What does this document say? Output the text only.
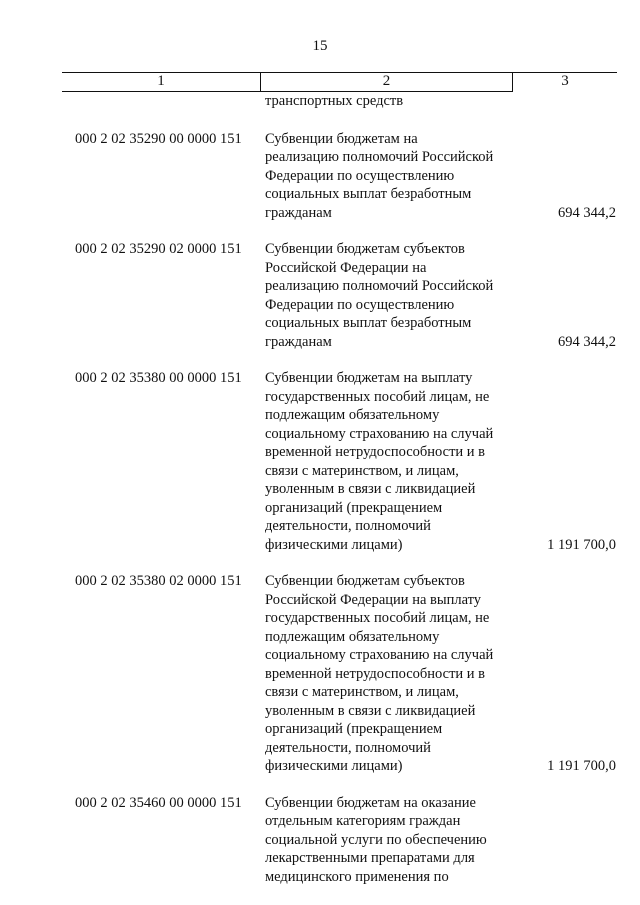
15
1	2	3
транспортных средств
000 2 02 35290 00 0000 151 Субвенции бюджетам на
реализацию полномочий Российской
Федерации по осуществлению
социальных выплат безработным
гражданам	694 344,2
000 2 02 35290 02 0000 151 Субвенции бюджетам субъектов
Российской Федерации на
реализацию полномочий Российской
Федерации по осуществлению
социальных выплат безработным
гражданам	694 344,2
000 2 02 35380 00 0000 151 Субвенции бюджетам на выплату
государственных пособий лицам, не
подлежащим обязательному
социальному страхованию на случай
временной нетрудоспособности и в
связи с материнством, и лицам,
уволенным в связи с ликвидацией
организаций (прекращением
деятельности, полномочий
физическими лицами)	1 191 700,0
000 2 02 35380 02 0000 151 Субвенции бюджетам субъектов
Российской Федерации на выплату
государственных пособий лицам, не
подлежащим обязательному
социальному страхованию на случай
временной нетрудоспособности и в
связи с материнством, и лицам,
уволенным в связи с ликвидацией
организаций (прекращением
деятельности, полномочий
физическими лицами)	1 191 700,0
000 2 02 35460 00 0000 151 Субвенции бюджетам на оказание
отдельным категориям граждан
социальной услуги по обеспечению
лекарственными препаратами для
медицинского применения по
